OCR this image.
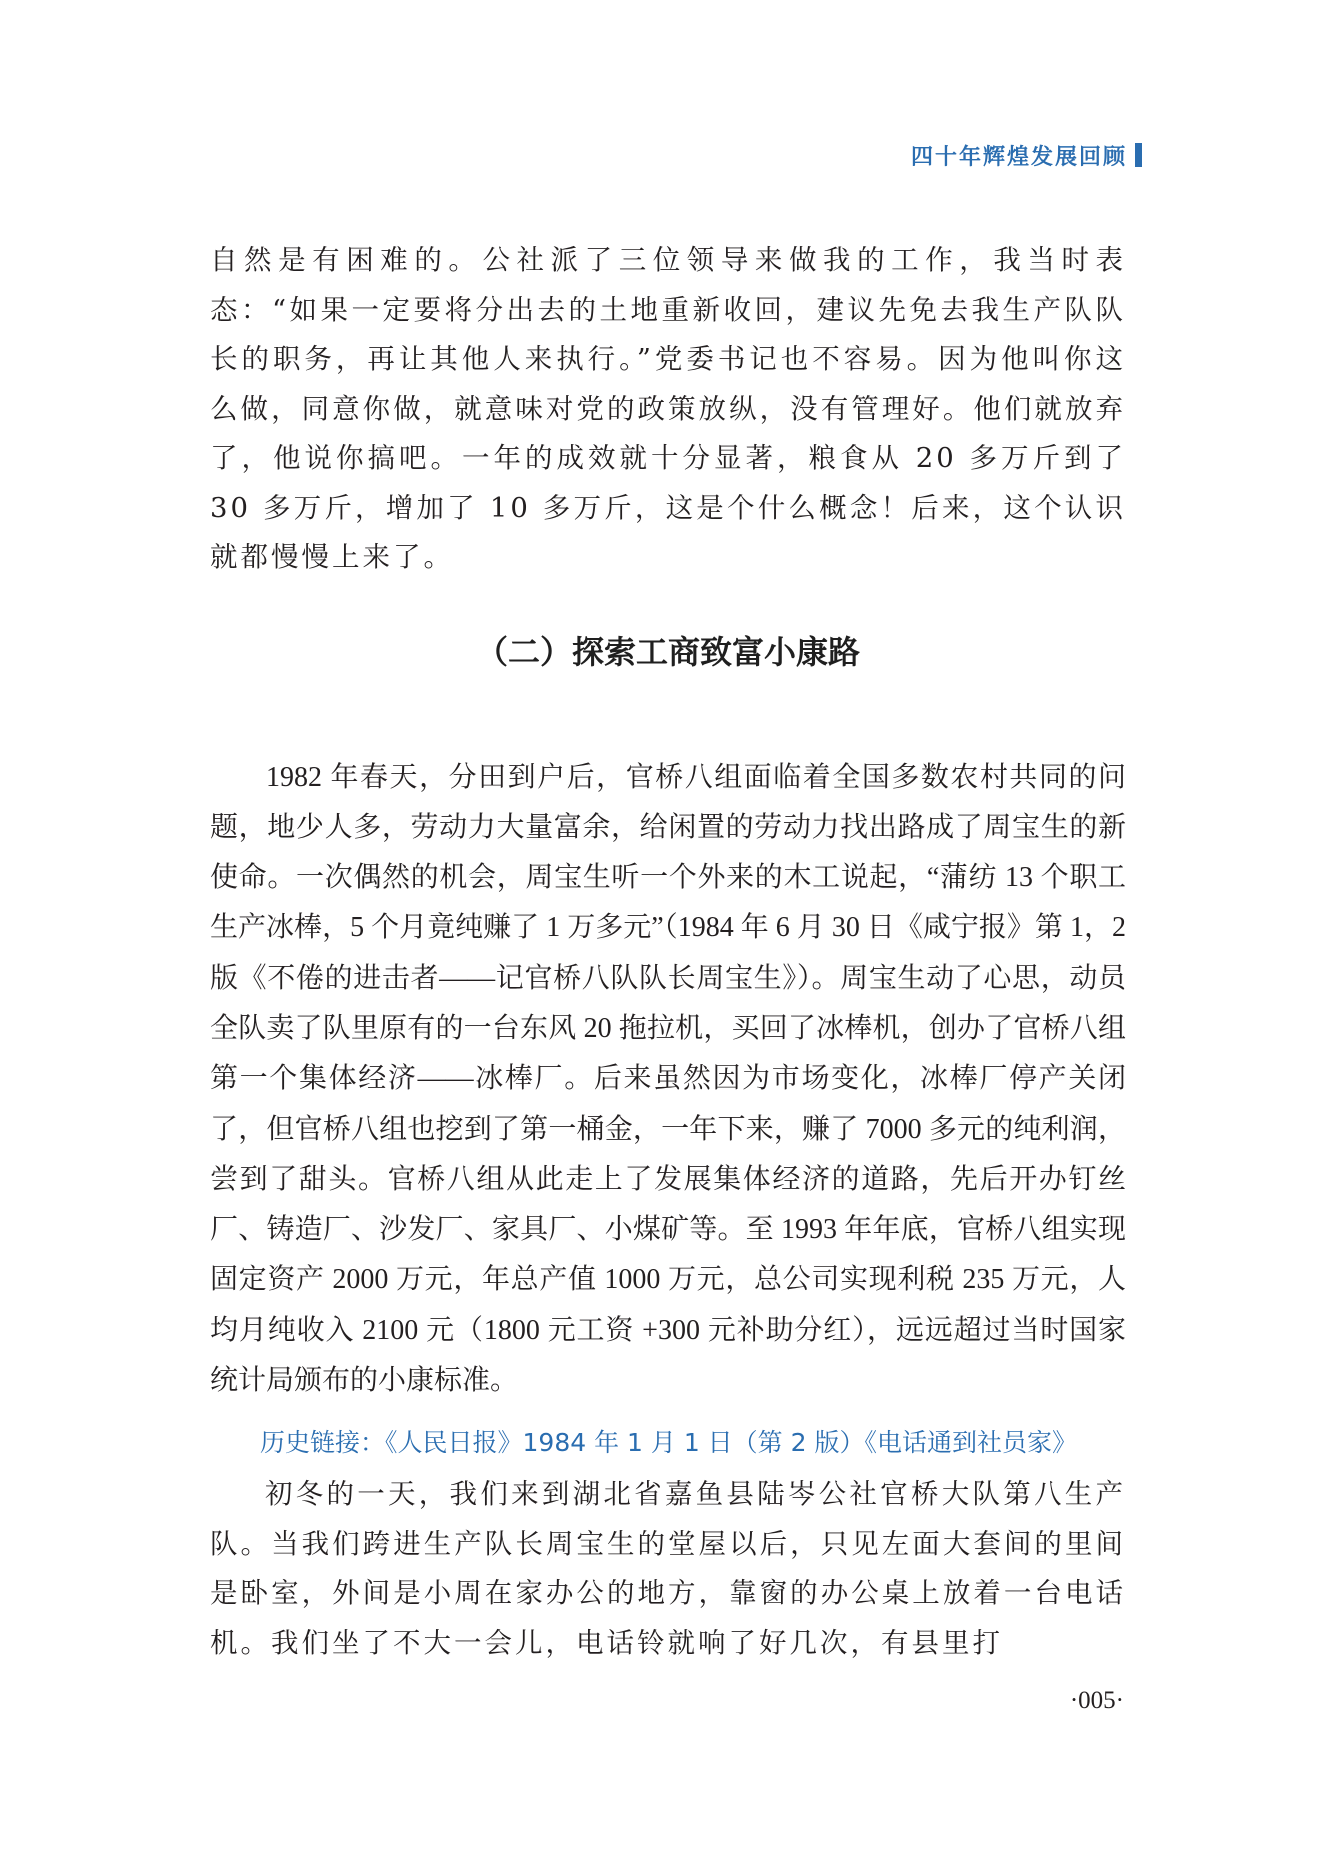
四十年辉煌发展回顾

自然是有困难的。公社派了三位领导来做我的工作，我当时表态：“如果一定要将分出去的土地重新收回，建议先免去我生产队队长的职务，再让其他人来执行。”党委书记也不容易。因为他叫你这么做，同意你做，就意味对党的政策放纵，没有管理好。他们就放弃了，他说你搞吧。一年的成效就十分显著，粮食从 20 多万斤到了 30 多万斤，增加了 10 多万斤，这是个什么概念！后来，这个认识就都慢慢上来了。

（二）探索工商致富小康路

1982 年春天，分田到户后，官桥八组面临着全国多数农村共同的问题，地少人多，劳动力大量富余，给闲置的劳动力找出路成了周宝生的新使命。一次偶然的机会，周宝生听一个外来的木工说起，“蒲纺 13 个职工生产冰棒，5 个月竟纯赚了 1 万多元”（1984 年 6 月 30 日《咸宁报》第 1，2 版《不倦的进击者——记官桥八队队长周宝生》）。周宝生动了心思，动员全队卖了队里原有的一台东风 20 拖拉机，买回了冰棒机，创办了官桥八组第一个集体经济——冰棒厂。后来虽然因为市场变化，冰棒厂停产关闭了，但官桥八组也挖到了第一桶金，一年下来，赚了 7000 多元的纯利润，尝到了甜头。官桥八组从此走上了发展集体经济的道路，先后开办钉丝厂、铸造厂、沙发厂、家具厂、小煤矿等。至 1993 年年底，官桥八组实现固定资产 2000 万元，年总产值 1000 万元，总公司实现利税 235 万元，人均月纯收入 2100 元（1800 元工资 +300 元补助分红），远远超过当时国家统计局颁布的小康标准。

历史链接：《人民日报》1984 年 1 月 1 日（第 2 版）《电话通到社员家》

初冬的一天，我们来到湖北省嘉鱼县陆岑公社官桥大队第八生产队。当我们跨进生产队长周宝生的堂屋以后，只见左面大套间的里间是卧室，外间是小周在家办公的地方，靠窗的办公桌上放着一台电话机。我们坐了不大一会儿，电话铃就响了好几次，有县里打

·005·
